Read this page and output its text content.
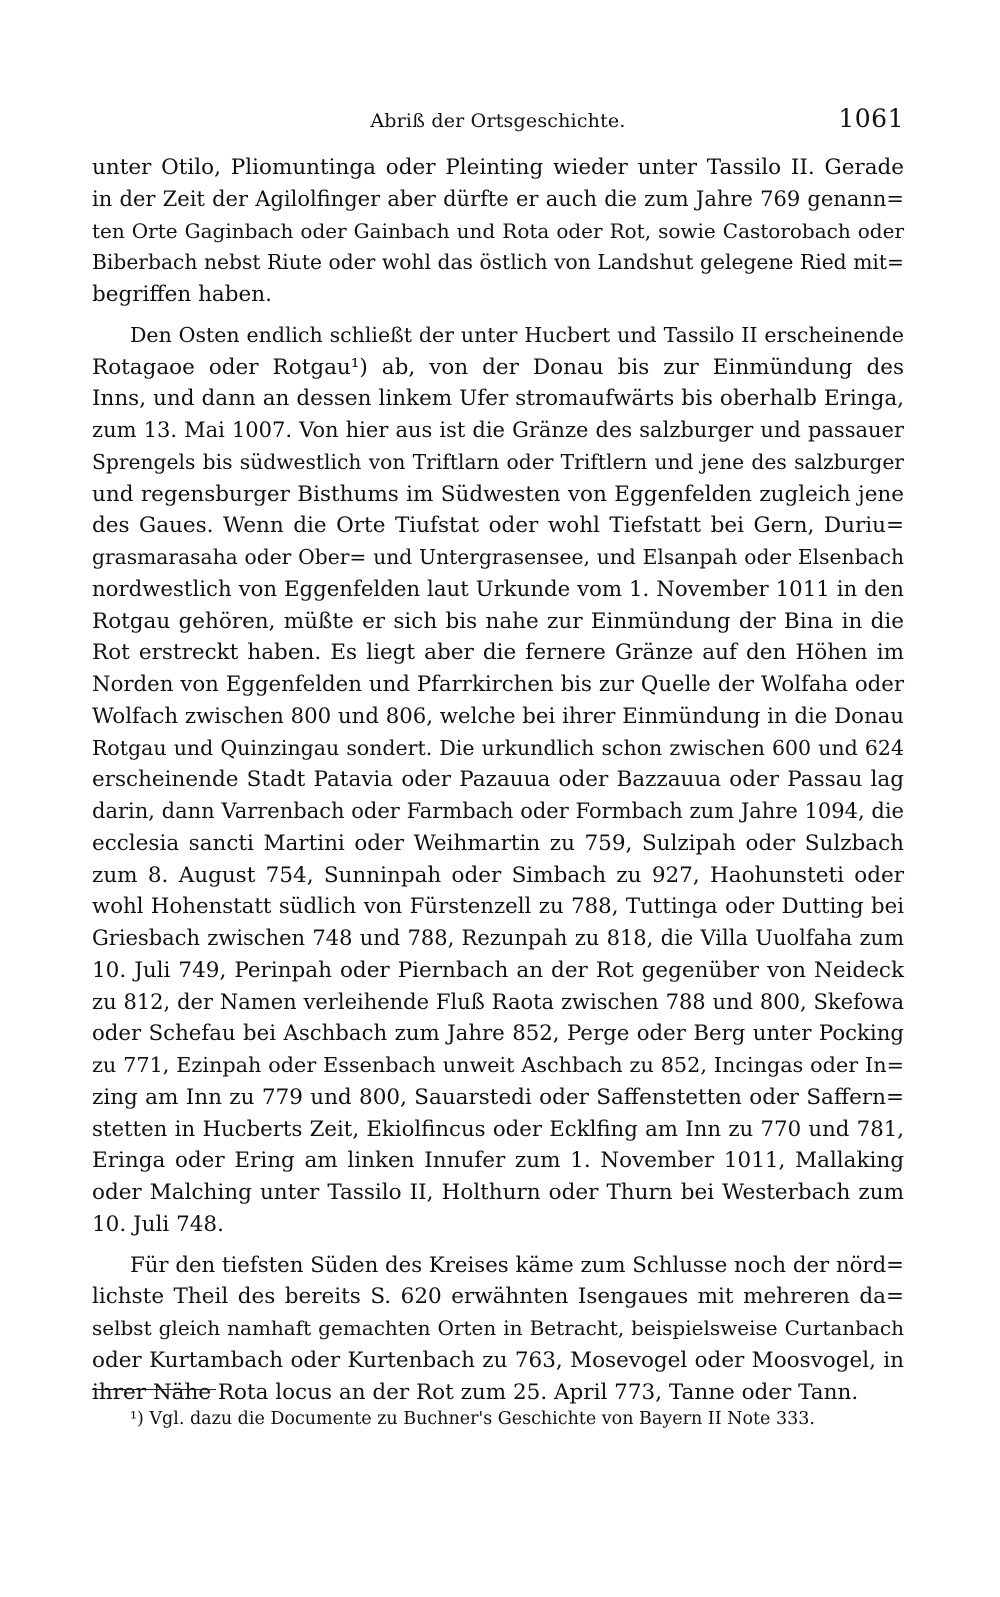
Abriß der Ortsgeschichte.	1061
unter Otilo, Pliomuntinga oder Pleinting wieder unter Tassilo II. Gerade
in der Zeit der Agilolfinger aber dürfte er auch die zum Jahre 769 genann=
ten Orte Gaginbach oder Gainbach und Rota oder Rot, sowie Castorobach oder
Biberbach nebst Riute oder wohl das östlich von Landshut gelegene Ried mit=
begriffen haben.
Den Osten endlich schließt der unter Hucbert und Tassilo II erscheinende
Rotagaoe oder Rotgau¹) ab, von der Donau bis zur Einmündung des
Inns, und dann an dessen linkem Ufer stromaufwärts bis oberhalb Eringa,
zum 13. Mai 1007. Von hier aus ist die Gränze des salzburger und passauer
Sprengels bis südwestlich von Triftlarn oder Triftlern und jene des salzburger
und regensburger Bisthums im Südwesten von Eggenfelden zugleich jene
des Gaues. Wenn die Orte Tiufstat oder wohl Tiefstatt bei Gern, Duriu=
grasmarasaha oder Ober= und Untergrasensee, und Elsanpah oder Elsenbach
nordwestlich von Eggenfelden laut Urkunde vom 1. November 1011 in den
Rotgau gehören, müßte er sich bis nahe zur Einmündung der Bina in die
Rot erstreckt haben. Es liegt aber die fernere Gränze auf den Höhen im
Norden von Eggenfelden und Pfarrkirchen bis zur Quelle der Wolfaha oder
Wolfach zwischen 800 und 806, welche bei ihrer Einmündung in die Donau
Rotgau und Quinzingau sondert. Die urkundlich schon zwischen 600 und 624
erscheinende Stadt Patavia oder Pazauua oder Bazzauua oder Passau lag
darin, dann Varrenbach oder Farmbach oder Formbach zum Jahre 1094, die
ecclesia sancti Martini oder Weihmartin zu 759, Sulzipah oder Sulzbach
zum 8. August 754, Sunninpah oder Simbach zu 927, Haohunsteti oder
wohl Hohenstatt südlich von Fürstenzell zu 788, Tuttinga oder Dutting bei
Griesbach zwischen 748 und 788, Rezunpah zu 818, die Villa Uuolfaha zum
10. Juli 749, Perinpah oder Piernbach an der Rot gegenüber von Neideck
zu 812, der Namen verleihende Fluß Raota zwischen 788 und 800, Skefowa
oder Schefau bei Aschbach zum Jahre 852, Perge oder Berg unter Pocking
zu 771, Ezinpah oder Essenbach unweit Aschbach zu 852, Incingas oder In=
zing am Inn zu 779 und 800, Sauarstedi oder Saffenstetten oder Saffern=
stetten in Hucberts Zeit, Ekiolfincus oder Ecklfing am Inn zu 770 und 781,
Eringa oder Ering am linken Innufer zum 1. November 1011, Mallaking
oder Malching unter Tassilo II, Holthurn oder Thurn bei Westerbach zum
10. Juli 748.
Für den tiefsten Süden des Kreises käme zum Schlusse noch der nörd=
lichste Theil des bereits S. 620 erwähnten Isengaues mit mehreren da=
selbst gleich namhaft gemachten Orten in Betracht, beispielsweise Curtanbach
oder Kurtambach oder Kurtenbach zu 763, Mosevogel oder Moosvogel, in
ihrer Nähe Rota locus an der Rot zum 25. April 773, Tanne oder Tann.
¹) Vgl. dazu die Documente zu Buchner's Geschichte von Bayern II Note 333.
